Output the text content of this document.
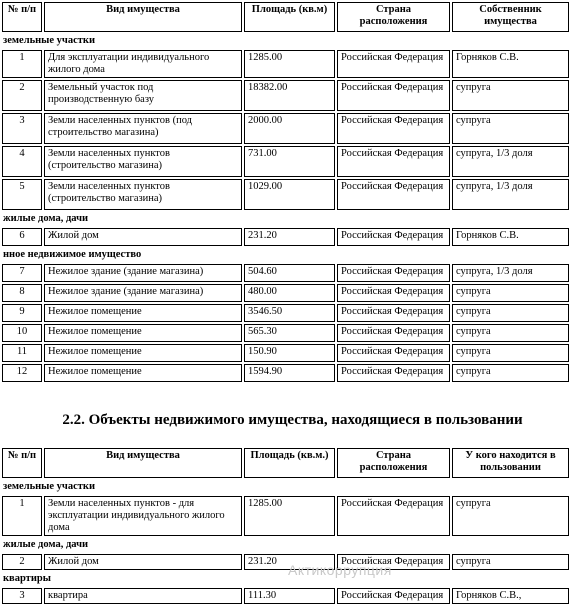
№ п/п	Вид имущества	Площадь (кв.м)	Страна расположения	Собственник имущества
земельные участки				
1	Для эксплуатации индивидуального жилого дома	1285.00	Российская Федерация	Горняков С.В.
2	Земельный участок под производственную базу	18382.00	Российская Федерация	супруга
3	Земли населенных пунктов (под строительство магазина)	2000.00	Российская Федерация	супруга
4	Земли населенных пунктов (строительство магазина)	731.00	Российская Федерация	супруга, 1/3 доля
5	Земли населенных пунктов (строительство магазина)	1029.00	Российская Федерация	супруга, 1/3 доля
жилые дома, дачи				
6	Жилой дом	231.20	Российская Федерация	Горняков С.В.
нное недвижимое имущество				
7	Нежилое здание (здание магазина)	504.60	Российская Федерация	супруга, 1/3 доля
8	Нежилое здание (здание магазина)	480.00	Российская Федерация	супруга
9	Нежилое помещение	3546.50	Российская Федерация	супруга
10	Нежилое помещение	565.30	Российская Федерация	супруга
11	Нежилое помещение	150.90	Российская Федерация	супруга
12	Нежилое помещение	1594.90	Российская Федерация	супруга
2.2. Объекты недвижимого имущества, находящиеся в пользовании
№ п/п	Вид имущества	Площадь (кв.м.)	Страна расположения	У кого находится в пользовании
земельные участки				
1	Земли населенных пунктов - для эксплуатации индивидуального жилого дома	1285.00	Российская Федерация	супруга
жилые дома, дачи				
2	Жилой дом	231.20	Российская Федерация	супруга
квартиры				
3	квартира	111.30	Российская Федерация	Горняков С.В.,
Актикоррупция
